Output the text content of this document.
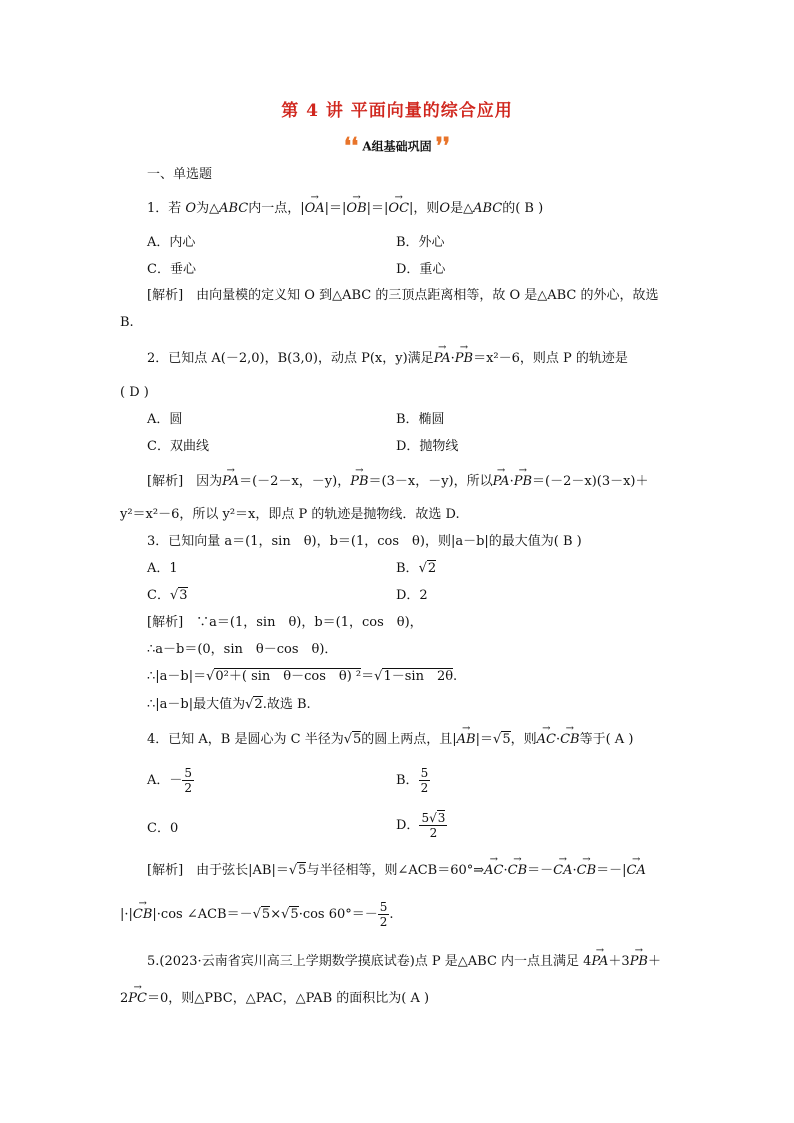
第 4 讲 平面向量的综合应用
❛❛ A组基础巩固 ❜❜
一、单选题
1．若 O为△ABC内一点，|→ OA|＝|→ OB|＝|→ OC|，则O是△ABC的( B )
A．内心	B．外心
C．垂心	D．重心
[解析]　由向量模的定义知 O 到△ABC 的三顶点距离相等，故 O 是△ABC 的外心，故选
B.
2．已知点 A(－2,0)，B(3,0)，动点 P(x，y)满足→ PA·→ PB＝x²－6，则点 P 的轨迹是
( D )
A．圆	B．椭圆
C．双曲线	D．抛物线
[解析]　因为→ PA＝(－2－x，－y)，→ PB＝(3－x，－y)，所以→ PA·→ PB＝(－2－x)(3－x)＋
y²＝x²－6，所以 y²＝x，即点 P 的轨迹是抛物线．故选 D.
3．已知向量 a＝(1，sin　θ)，b＝(1，cos　θ)，则|a－b|的最大值为( B )
A．1	B．√2
C．√3	D．2
[解析]　∵a＝(1，sin　θ)，b＝(1，cos　θ)，
∴a－b＝(0，sin　θ－cos　θ)．
∴|a－b|＝√0²＋( sin　θ－cos　θ) ²＝√1－sin　2θ.
∴|a－b|最大值为√2.故选 B.
4．已知 A，B 是圆心为 C 半径为√5的圆上两点，且|→ AB|＝√5，则→ AC·→ CB等于( A )
A．－ $\frac{5}{2}$	B． $\frac{5}{2}$
C．0	D． $\frac{5√3}{2}$
[解析]　由于弦长|AB|＝√5与半径相等，则∠ACB＝60°⇒→ AC·→ CB＝－→ CA·→ CB＝－|→ CA
|·|→ CB|·cos ∠ACB＝－√5×√5·cos $60^\circ=- \frac{5}{2}$ .
5.(2023·云南省宾川高三上学期数学摸底试卷)点 P 是△ABC 内一点且满足 4→ PA＋3→ PB＋
2→ PC＝0，则△PBC，△PAC，△PAB 的面积比为( A )
